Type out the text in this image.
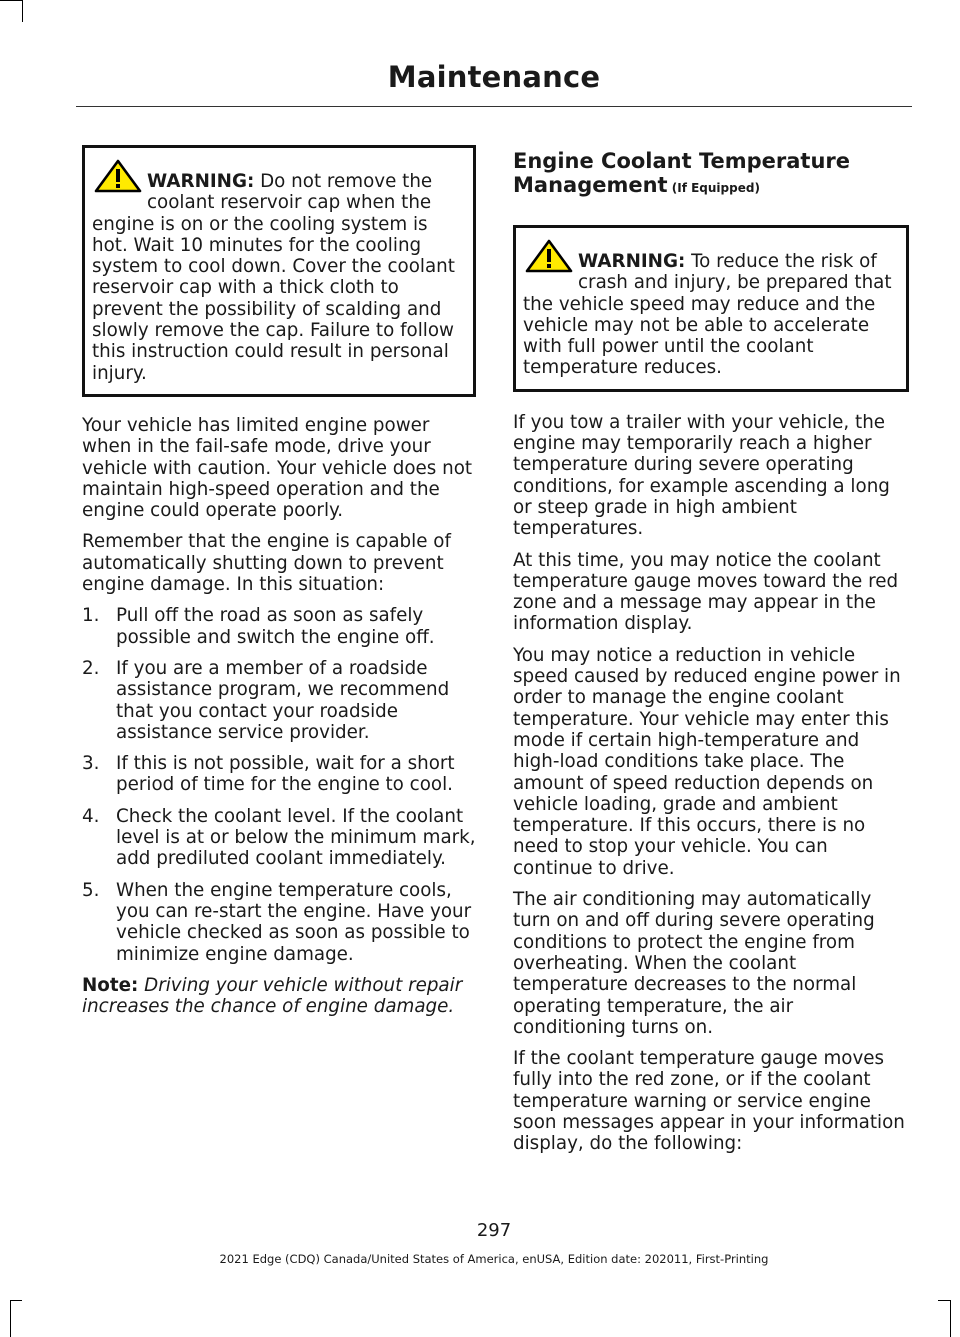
Maintenance

WARNING: Do not remove the coolant reservoir cap when the engine is on or the cooling system is hot. Wait 10 minutes for the cooling system to cool down. Cover the coolant reservoir cap with a thick cloth to prevent the possibility of scalding and slowly remove the cap. Failure to follow this instruction could result in personal injury.

Your vehicle has limited engine power when in the fail-safe mode, drive your vehicle with caution. Your vehicle does not maintain high-speed operation and the engine could operate poorly.

Remember that the engine is capable of automatically shutting down to prevent engine damage. In this situation:

1. Pull off the road as soon as safely possible and switch the engine off.
2. If you are a member of a roadside assistance program, we recommend that you contact your roadside assistance service provider.
3. If this is not possible, wait for a short period of time for the engine to cool.
4. Check the coolant level. If the coolant level is at or below the minimum mark, add prediluted coolant immediately.
5. When the engine temperature cools, you can re-start the engine. Have your vehicle checked as soon as possible to minimize engine damage.

Note: Driving your vehicle without repair increases the chance of engine damage.

Engine Coolant Temperature Management (If Equipped)

WARNING: To reduce the risk of crash and injury, be prepared that the vehicle speed may reduce and the vehicle may not be able to accelerate with full power until the coolant temperature reduces.

If you tow a trailer with your vehicle, the engine may temporarily reach a higher temperature during severe operating conditions, for example ascending a long or steep grade in high ambient temperatures.

At this time, you may notice the coolant temperature gauge moves toward the red zone and a message may appear in the information display.

You may notice a reduction in vehicle speed caused by reduced engine power in order to manage the engine coolant temperature. Your vehicle may enter this mode if certain high-temperature and high-load conditions take place. The amount of speed reduction depends on vehicle loading, grade and ambient temperature. If this occurs, there is no need to stop your vehicle. You can continue to drive.

The air conditioning may automatically turn on and off during severe operating conditions to protect the engine from overheating. When the coolant temperature decreases to the normal operating temperature, the air conditioning turns on.

If the coolant temperature gauge moves fully into the red zone, or if the coolant temperature warning or service engine soon messages appear in your information display, do the following:

297
2021 Edge (CDQ) Canada/United States of America, enUSA, Edition date: 202011, First-Printing
